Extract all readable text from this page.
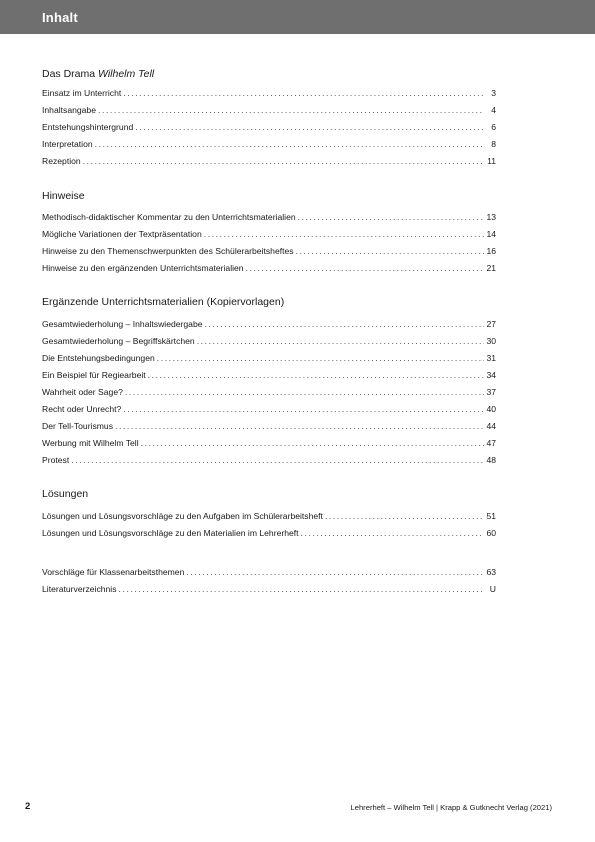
Inhalt
Das Drama Wilhelm Tell
Einsatz im Unterricht . . .	3
Inhaltsangabe . . .	4
Entstehungshintergrund . . .	6
Interpretation . . .	8
Rezeption . . .	11
Hinweise
Methodisch-didaktischer Kommentar zu den Unterrichtsmaterialien . . .	13
Mögliche Variationen der Textpräsentation . . .	14
Hinweise zu den Themenschwerpunkten des Schülerarbeitsheftes . . .	16
Hinweise zu den ergänzenden Unterrichtsmaterialien . . .	21
Ergänzende Unterrichtsmaterialien (Kopiervorlagen)
Gesamtwiederholung – Inhaltswiedergabe . . .	27
Gesamtwiederholung – Begriffskärtchen . . .	30
Die Entstehungsbedingungen . . .	31
Ein Beispiel für Regiearbeit . . .	34
Wahrheit oder Sage? . . .	37
Recht oder Unrecht? . . .	40
Der Tell-Tourismus . . .	44
Werbung mit Wilhelm Tell . . .	47
Protest . . .	48
Lösungen
Lösungen und Lösungsvorschläge zu den Aufgaben im Schülerarbeitsheft . . .	51
Lösungen und Lösungsvorschläge zu den Materialien im Lehrerheft . . .	60
Vorschläge für Klassenarbeitsthemen . . .	63
Literaturverzeichnis . . .	U
2	Lehrerheft – Wilhelm Tell | Krapp & Gutknecht Verlag (2021)
